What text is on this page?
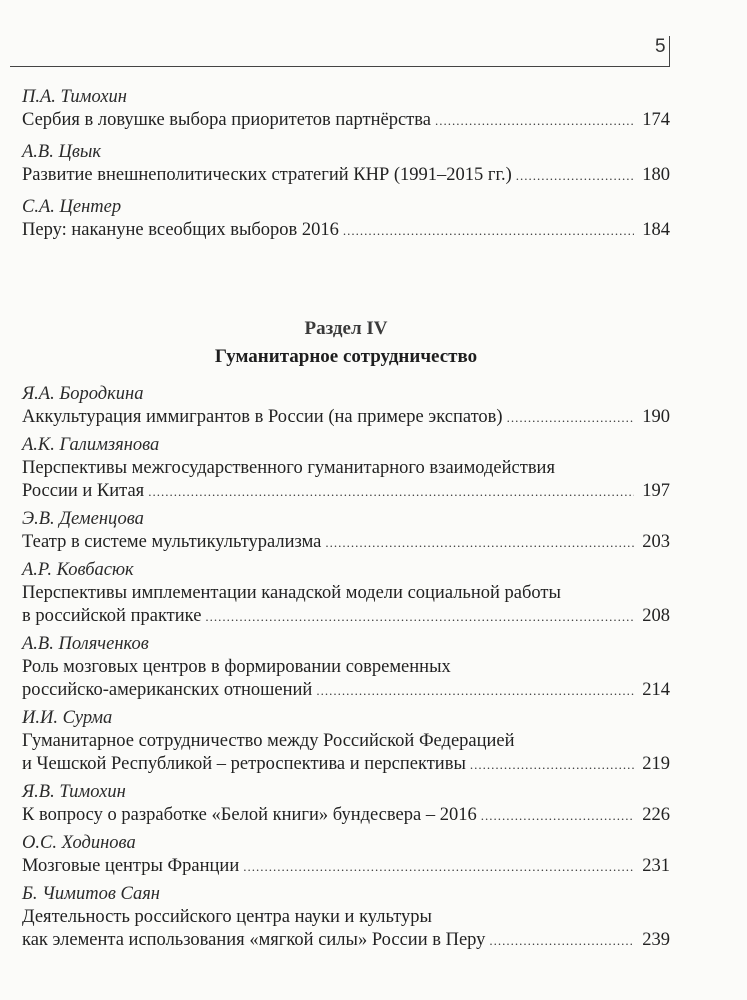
5
П.А. Тимохин
Сербия в ловушке выбора приоритетов партнёрства .....	174
А.В. Цвык
Развитие внешнеполитических стратегий КНР (1991–2015 гг.) .....	180
С.А. Центер
Перу: накануне всеобщих выборов 2016 .....	184
Раздел IV
Гуманитарное сотрудничество
Я.А. Бородкина
Аккультурация иммигрантов в России (на примере экспатов) .....	190
А.К. Галимзянова
Перспективы межгосударственного гуманитарного взаимодействия
России и Китая .....	197
Э.В. Деменцова
Театр в системе мультикультурализма .....	203
А.Р. Ковбасюк
Перспективы имплементации канадской модели социальной работы
в российской практике .....	208
А.В. Поляченков
Роль мозговых центров в формировании современных
российско-американских отношений .....	214
И.И. Сурма
Гуманитарное сотрудничество между Российской Федерацией
и Чешской Республикой – ретроспектива и перспективы .....	219
Я.В. Тимохин
К вопросу о разработке «Белой книги» бундесвера – 2016 .....	226
О.С. Ходинова
Мозговые центры Франции .....	231
Б. Чимитов Саян
Деятельность российского центра науки и культуры
как элемента использования «мягкой силы» России в Перу .....	239
